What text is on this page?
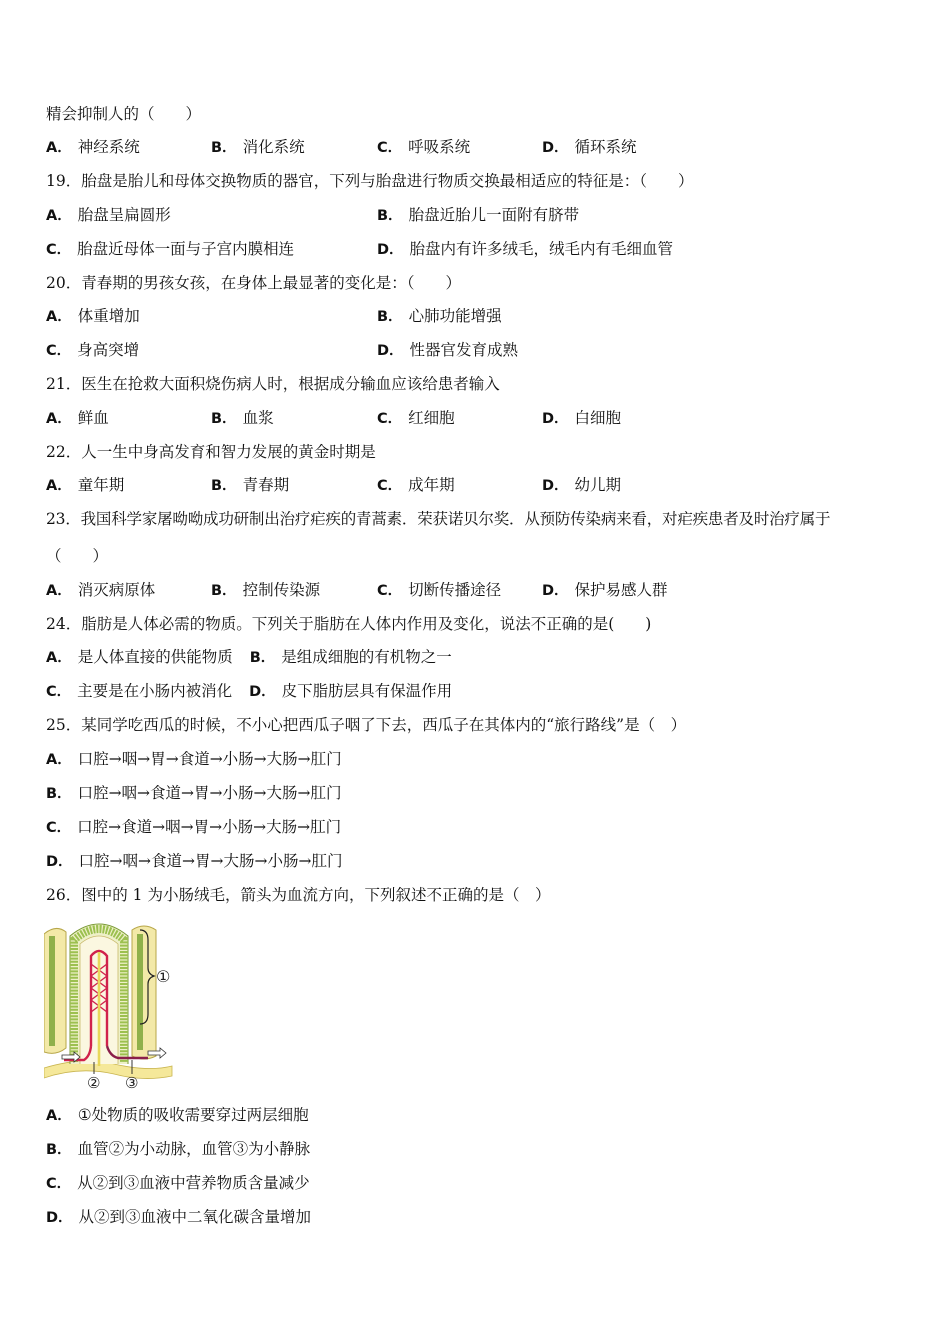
精会抑制人的（　　）
A． 神经系统	B． 消化系统	C． 呼吸系统	D． 循环系统
19．胎盘是胎儿和母体交换物质的器官，下列与胎盘进行物质交换最相适应的特征是：（　　）
A． 胎盘呈扁圆形	B． 胎盘近胎儿一面附有脐带
C． 胎盘近母体一面与子宫内膜相连	D． 胎盘内有许多绒毛，绒毛内有毛细血管
20．青春期的男孩女孩，在身体上最显著的变化是：（　　）
A． 体重增加	B． 心肺功能增强
C． 身高突增	D． 性器官发育成熟
21．医生在抢救大面积烧伤病人时，根据成分输血应该给患者输入
A． 鲜血	B． 血浆	C． 红细胞	D． 白细胞
22．人一生中身高发育和智力发展的黄金时期是
A． 童年期	B． 青春期	C． 成年期	D． 幼儿期
23．我国科学家屠呦呦成功研制出治疗疟疾的青蒿素．荣获诺贝尔奖．从预防传染病来看，对疟疾患者及时治疗属于
（　　）
A． 消灭病原体	B． 控制传染源	C． 切断传播途径	D． 保护易感人群
24．脂肪是人体必需的物质。下列关于脂肪在人体内作用及变化，说法不正确的是(　　)
A． 是人体直接的供能物质 B． 是组成细胞的有机物之一
C． 主要是在小肠内被消化 D． 皮下脂肪层具有保温作用
25．某同学吃西瓜的时候，不小心把西瓜子咽了下去，西瓜子在其体内的“旅行路线”是（　）
A． 口腔→咽→胃→食道→小肠→大肠→肛门
B． 口腔→咽→食道→胃→小肠→大肠→肛门
C． 口腔→食道→咽→胃→小肠→大肠→肛门
D． 口腔→咽→食道→胃→大肠→小肠→肛门
26．图中的 1 为小肠绒毛，箭头为血流方向，下列叙述不正确的是（　）
①
② ③
A． ①处物质的吸收需要穿过两层细胞
B． 血管②为小动脉，血管③为小静脉
C． 从②到③血液中营养物质含量减少
D． 从②到③血液中二氧化碳含量增加
